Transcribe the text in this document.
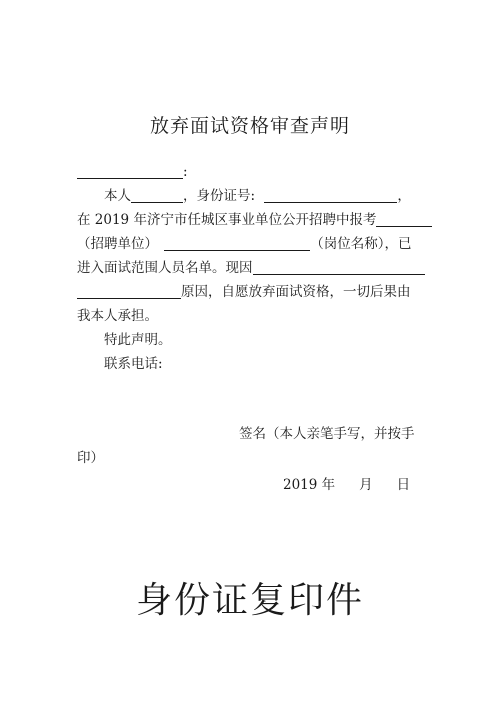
放弃面试资格审查声明
:
本人	，身份证号:	，
在 2019 年济宁市任城区事业单位公开招聘中报考
（招聘单位）	（岗位名称），已
进入面试范围人员名单。现因
原因，自愿放弃面试资格，一切后果由
我本人承担。
特此声明。
联系电话:
签名（本人亲笔手写，并按手
印）
2019 年 月 日
身份证复印件
